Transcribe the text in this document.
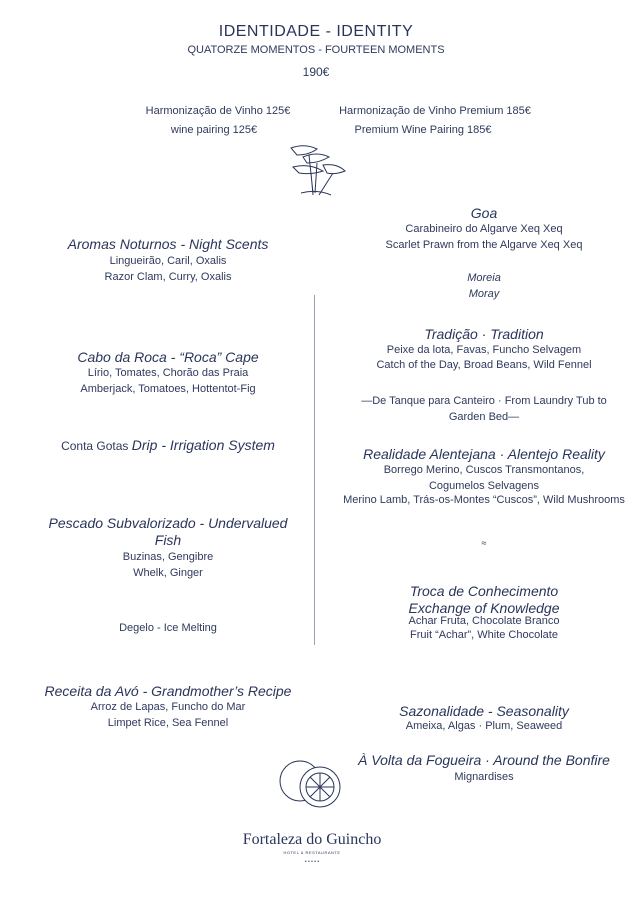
IDENTIDADE - IDENTITY
QUATORZE MOMENTOS - FOURTEEN MOMENTS
190€
Harmonização de Vinho 125€
wine pairing 125€
Harmonização de Vinho Premium 185€
Premium Wine Pairing 185€
Aromas Noturnos - Night Scents
Lingueirão, Caril, Oxalis
Razor Clam, Curry, Oxalis
Cabo da Roca - “Roca” Cape
Lírio, Tomates, Chorão das Praia
Amberjack, Tomatoes, Hottentot-Fig
Conta Gotas Drip - Irrigation System
Pescado Subvalorizado - Undervalued Fish
Buzinas, Gengibre
Whelk, Ginger
Degelo - Ice Melting
Receita da Avó - Grandmother’s Recipe
Arroz de Lapas, Funcho do Mar
Limpet Rice, Sea Fennel
Goa
Carabineiro do Algarve Xeq Xeq
Scarlet Prawn from the Algarve Xeq Xeq
Moreia
Moray
Tradição · Tradition
Peixe da lota, Favas, Funcho Selvagem
Catch of the Day, Broad Beans, Wild Fennel
—De Tanque para Canteiro · From Laundry Tub to Garden Bed—
Realidade Alentejana · Alentejo Reality
Borrego Merino, Cuscos Transmontanos, Cogumelos Selvagens
Merino Lamb, Trás-os-Montes “Cuscos”, Wild Mushrooms
≈
Troca de Conhecimento Exchange of Knowledge
Achar Fruta, Chocolate Branco
Fruit “Achar”, White Chocolate
Sazonalidade - Seasonality
Ameixa, Algas · Plum, Seaweed
À Volta da Fogueira · Around the Bonfire
Mignardises
Fortaleza do Guincho
HOTEL & RESTAURANTE
• • • • •
